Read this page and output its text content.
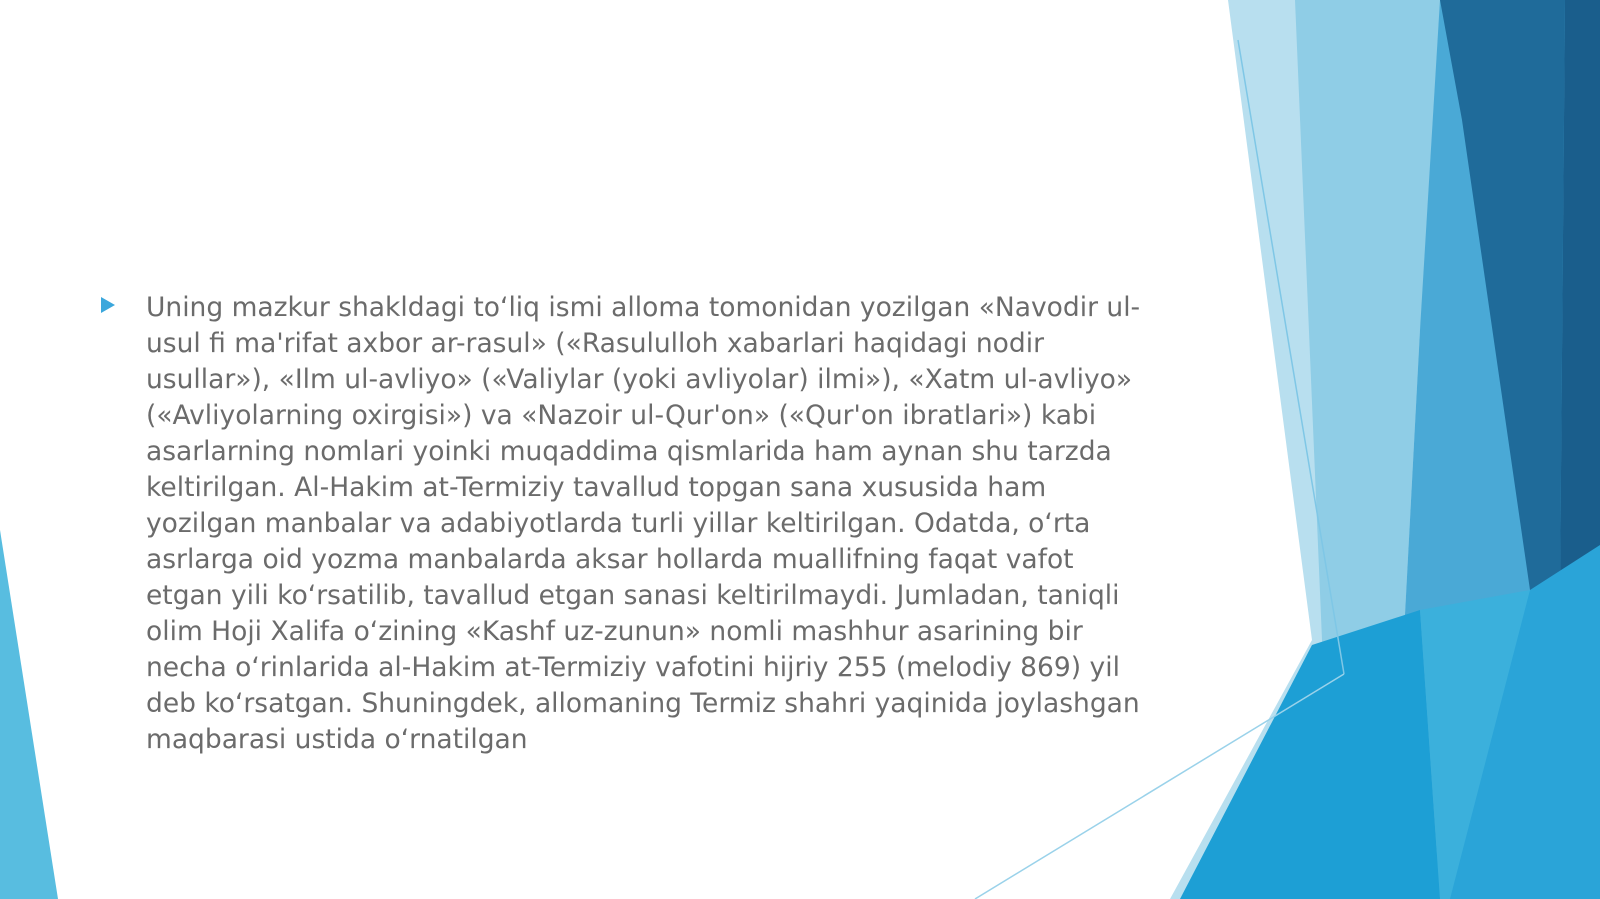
Uning mazkur shakldagi to‘liq ismi alloma tomonidan yozilgan «Navodir ul-
usul fi ma'rifat axbor ar-rasul» («Rasululloh xabarlari haqidagi nodir
usullar»), «Ilm ul-avliyo» («Valiylar (yoki avliyolar) ilmi»), «Xatm ul-avliyo»
(«Avliyolarning oxirgisi») va «Nazoir ul-Qur'on» («Qur'on ibratlari») kabi
asarlarning nomlari yoinki muqaddima qismlarida ham aynan shu tarzda
keltirilgan. Al-Hakim at-Termiziy tavallud topgan sana xususida ham
yozilgan manbalar va adabiyotlarda turli yillar keltirilgan. Odatda, o‘rta
asrlarga oid yozma manbalarda aksar hollarda muallifning faqat vafot
etgan yili ko‘rsatilib, tavallud etgan sanasi keltirilmaydi. Jumladan, taniqli
olim Hoji Xalifa o‘zining «Kashf uz-zunun» nomli mashhur asarining bir
necha o‘rinlarida al-Hakim at-Termiziy vafotini hijriy 255 (melodiy 869) yil
deb ko‘rsatgan. Shuningdek, allomaning Termiz shahri yaqinida joylashgan
maqbarasi ustida o‘rnatilgan
